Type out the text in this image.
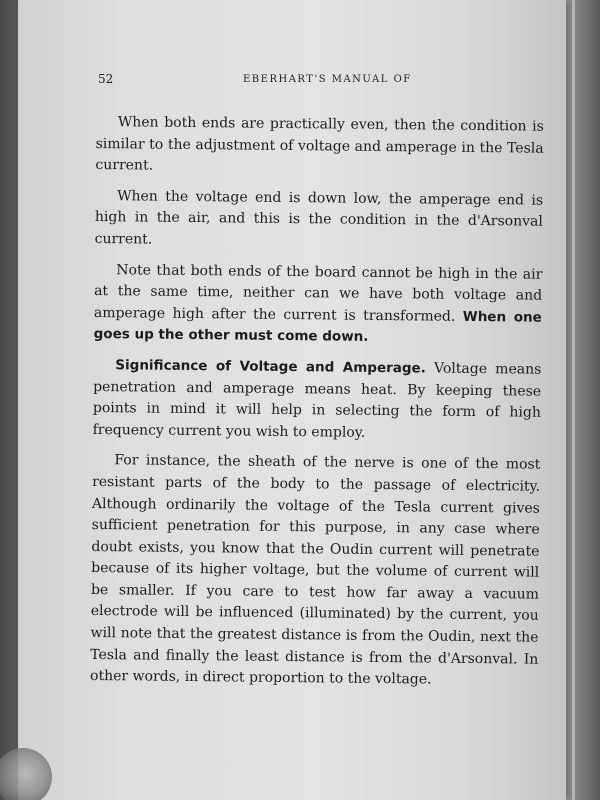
52	EBERHART'S MANUAL OF

When both ends are practically even, then the condition is similar to the adjustment of voltage and amperage in the Tesla current.

When the voltage end is down low, the amperage end is high in the air, and this is the condition in the d'Arsonval current.

Note that both ends of the board cannot be high in the air at the same time, neither can we have both voltage and amperage high after the current is transformed. When one goes up the other must come down.

Significance of Voltage and Amperage. Voltage means penetration and amperage means heat. By keeping these points in mind it will help in selecting the form of high frequency current you wish to employ.

For instance, the sheath of the nerve is one of the most resistant parts of the body to the passage of electricity. Although ordinarily the voltage of the Tesla current gives sufficient penetration for this purpose, in any case where doubt exists, you know that the Oudin current will penetrate because of its higher voltage, but the volume of current will be smaller. If you care to test how far away a vacuum electrode will be influenced (illuminated) by the current, you will note that the greatest distance is from the Oudin, next the Tesla and finally the least distance is from the d'Arsonval. In other words, in direct proportion to the voltage.
